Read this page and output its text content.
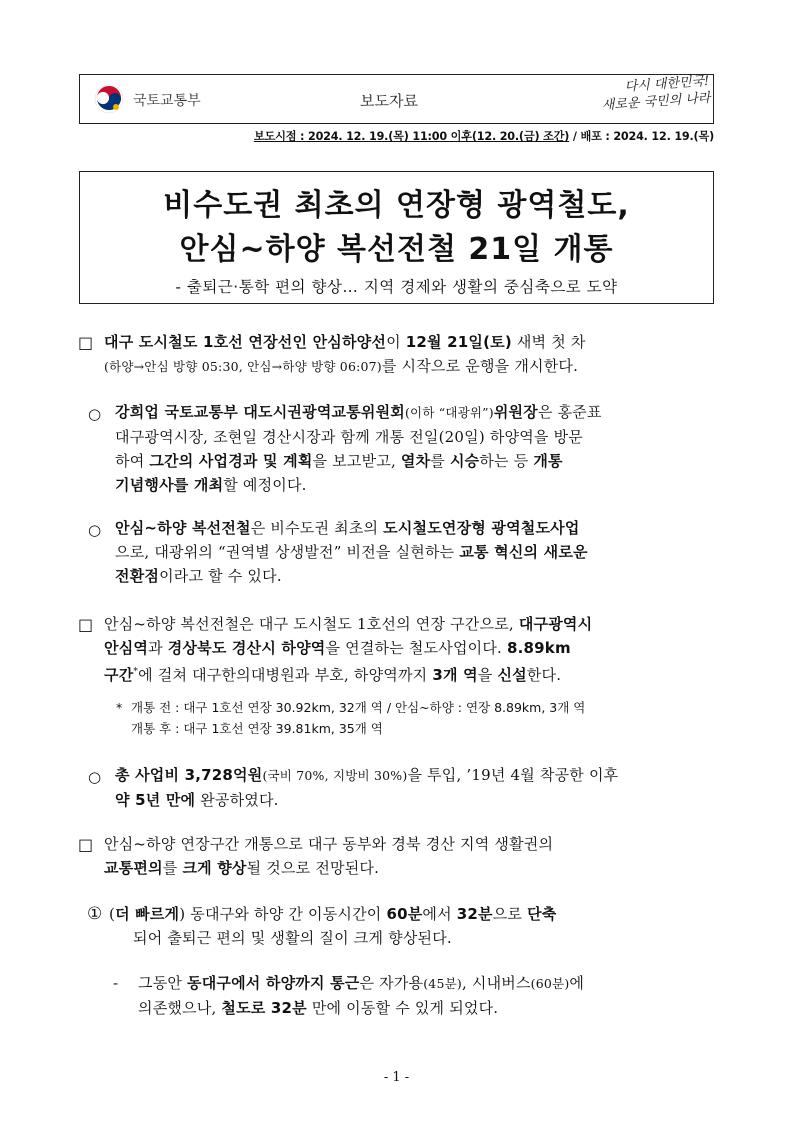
국토교통부	보도자료
다시 대한민국!
새로운 국민의 나라
보도시점 : 2024. 12. 19.(목) 11:00 이후(12. 20.(금) 조간) / 배포 : 2024. 12. 19.(목)
비수도권 최초의 연장형 광역철도,
안심~하양 복선전철 21일 개통
- 출퇴근·통학 편의 향상… 지역 경제와 생활의 중심축으로 도약
□ 대구 도시철도 1호선 연장선인 안심하양선이 12월 21일(토) 새벽 첫 차
(하양→안심 방향 05:30, 안심→하양 방향 06:07)를 시작으로 운행을 개시한다.
○ 강희업 국토교통부 대도시권광역교통위원회(이하 “대광위”)위원장은 홍준표
대구광역시장, 조현일 경산시장과 함께 개통 전일(20일) 하양역을 방문
하여 그간의 사업경과 및 계획을 보고받고, 열차를 시승하는 등 개통
기념행사를 개최할 예정이다.
○ 안심~하양 복선전철은 비수도권 최초의 도시철도연장형 광역철도사업
으로, 대광위의 “권역별 상생발전” 비전을 실현하는 교통 혁신의 새로운
전환점이라고 할 수 있다.
□ 안심~하양 복선전철은 대구 도시철도 1호선의 연장 구간으로, 대구광역시
안심역과 경상북도 경산시 하양역을 연결하는 철도사업이다. 8.89km
구간*에 걸쳐 대구한의대병원과 부호, 하양역까지 3개 역을 신설한다.
* 개통 전 : 대구 1호선 연장 30.92km, 32개 역 / 안심~하양 : 연장 8.89km, 3개 역
개통 후 : 대구 1호선 연장 39.81km, 35개 역
○ 총 사업비 3,728억원(국비 70%, 지방비 30%)을 투입, ’19년 4월 착공한 이후
약 5년 만에 완공하였다.
□ 안심~하양 연장구간 개통으로 대구 동부와 경북 경산 지역 생활권의
교통편의를 크게 향상될 것으로 전망된다.
① (더 빠르게) 동대구와 하양 간 이동시간이 60분에서 32분으로 단축
되어 출퇴근 편의 및 생활의 질이 크게 향상된다.
- 그동안 동대구에서 하양까지 통근은 자가용(45분), 시내버스(60분)에
의존했으나, 철도로 32분 만에 이동할 수 있게 되었다.
- 1 -
